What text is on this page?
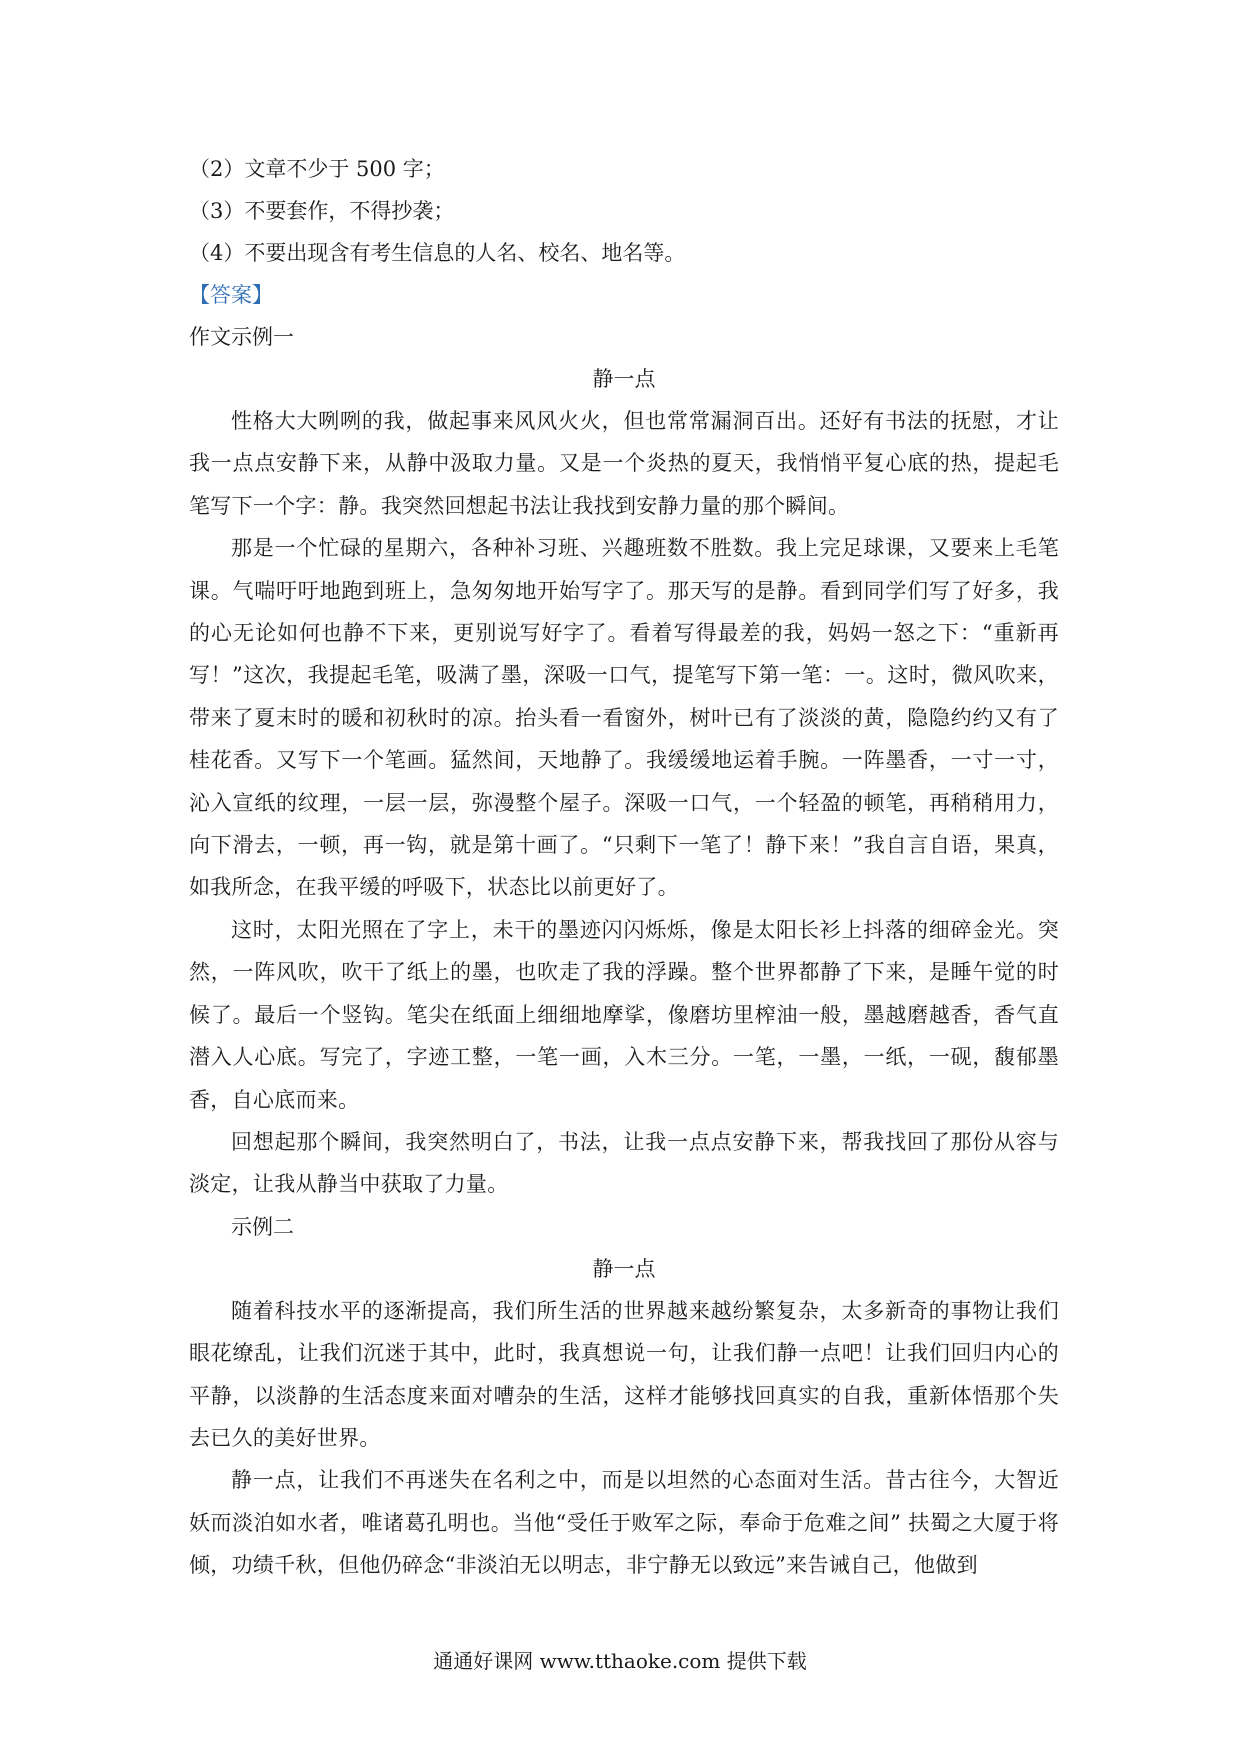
（2）文章不少于 500 字；

（3）不要套作，不得抄袭；

（4）不要出现含有考生信息的人名、校名、地名等。

【答案】

作文示例一

静一点

性格大大咧咧的我，做起事来风风火火，但也常常漏洞百出。还好有书法的抚慰，才让我一点点安静下来，从静中汲取力量。又是一个炎热的夏天，我悄悄平复心底的热，提起毛笔写下一个字：静。我突然回想起书法让我找到安静力量的那个瞬间。

那是一个忙碌的星期六，各种补习班、兴趣班数不胜数。我上完足球课，又要来上毛笔课。气喘吁吁地跑到班上，急匆匆地开始写字了。那天写的是静。看到同学们写了好多，我的心无论如何也静不下来，更别说写好字了。看着写得最差的我，妈妈一怒之下：“重新再写！”这次，我提起毛笔，吸满了墨，深吸一口气，提笔写下第一笔：一。这时，微风吹来，带来了夏末时的暖和初秋时的凉。抬头看一看窗外，树叶已有了淡淡的黄，隐隐约约又有了桂花香。又写下一个笔画。猛然间，天地静了。我缓缓地运着手腕。一阵墨香，一寸一寸，沁入宣纸的纹理，一层一层，弥漫整个屋子。深吸一口气，一个轻盈的顿笔，再稍稍用力，向下滑去，一顿，再一钩，就是第十画了。“只剩下一笔了！静下来！”我自言自语，果真，如我所念，在我平缓的呼吸下，状态比以前更好了。

这时，太阳光照在了字上，未干的墨迹闪闪烁烁，像是太阳长衫上抖落的细碎金光。突然，一阵风吹，吹干了纸上的墨，也吹走了我的浮躁。整个世界都静了下来，是睡午觉的时候了。最后一个竖钩。笔尖在纸面上细细地摩挲，像磨坊里榨油一般，墨越磨越香，香气直潜入人心底。写完了，字迹工整，一笔一画，入木三分。一笔，一墨，一纸，一砚，馥郁墨香，自心底而来。

回想起那个瞬间，我突然明白了，书法，让我一点点安静下来，帮我找回了那份从容与淡定，让我从静当中获取了力量。

示例二

静一点

随着科技水平的逐渐提高，我们所生活的世界越来越纷繁复杂，太多新奇的事物让我们眼花缭乱，让我们沉迷于其中，此时，我真想说一句，让我们静一点吧！让我们回归内心的平静，以淡静的生活态度来面对嘈杂的生活，这样才能够找回真实的自我，重新体悟那个失去已久的美好世界。

静一点，让我们不再迷失在名利之中，而是以坦然的心态面对生活。昔古往今，大智近妖而淡泊如水者，唯诸葛孔明也。当他“受任于败军之际，奉命于危难之间” 扶蜀之大厦于将倾，功绩千秋，但他仍碎念“非淡泊无以明志，非宁静无以致远”来告诫自己，他做到

通通好课网 www.tthaoke.com 提供下载
